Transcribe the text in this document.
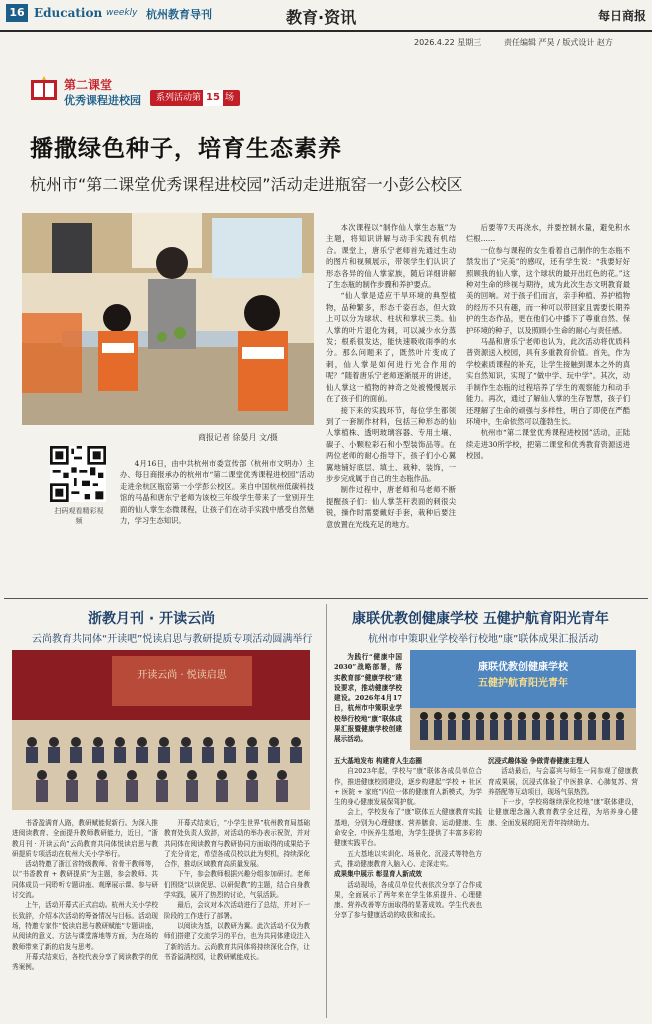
16 Education weekly 杭州教育导刊	教育·资讯	每日商报
2026.4.22 星期三	责任编辑 严昊 / 版式设计 赵方
第二课堂
优秀课程进校园	系列活动第 15 场
播撒绿色种子，培育生态素养
杭州市“第二课堂优秀课程进校园”活动走进瓶窑一小彭公校区
商报记者 徐晏月 文/摄
扫码观看精彩视频

4月16日，由中共杭州市委宣传部（杭州市文明办）主办、每日商报承办的杭州市“第二课堂优秀课程进校园”活动走进余杭区瓶窑第一小学彭公校区。来自中国杭州低碳科技馆的马晶和唐东宁老师为该校三年级学生带来了一堂别开生面的仙人掌生态微课程，让孩子们在动手实践中感受自然魅力，学习生态知识。

本次课程以“制作仙人掌生态瓶”为主题，将知识讲解与动手实践有机结合。课堂上，唐乐宁老师首先通过生动的图片和视频展示，带领学生们认识了形态各异的仙人掌家族，随后详细讲解了生态瓶的制作步骤和养护要点。

“仙人掌是适应干旱环境的典型植物，品种繁多，形态千姿百态，但大致上可以分为球状、柱状和掌状三类。仙人掌的叶片退化为刺，可以减少水分蒸发；根系很发达，能快速吸收雨季的水分。那么问题来了，既然叶片变成了刺，仙人掌是如何进行光合作用的呢？”随着唐乐宁老师逐渐展开的讲述，仙人掌这一植物的神奇之处被慢慢展示在了孩子们的面前。

接下来的实践环节，每位学生都领到了一套制作材料，包括三种形态的仙人掌植株、透明玻璃容器、专用土壤、碳子、小颗粒彩石和小型装饰品等。在两位老师的耐心指导下，孩子们小心翼翼地铺好底层、填土、栽种、装饰，一步步完成属于自己的生态瓶作品。

制作过程中，唐老师和马老师不断提醒孩子们：仙人掌茎秆表面的刺很尖锐，操作时需要戴好手套，栽种后要注意放置在光线充足的地方。

后要等7天再浇水，并要控制水量，避免积水烂根……

一位参与课程的女生看着自己制作的生态瓶不禁发出了“完美”的感叹，还有学生说：“我要好好照顾我的仙人掌，这个球状的最开出红色的花。”这种对生命的珍视与期待，成为此次生态文明教育最美的回响。对于孩子们而言，亲手种植、养护植物的经历不只有趣，而一种可以带回家且需要长期养护的生态作品，更在他们心中播下了尊重自然、保护环境的种子，以及照顾小生命的耐心与责任感。

马晶和唐乐宁老师也认为，此次活动将优质科普资源送入校园，具有多重教育价值。首先，作为学校素质课程的补充，让学生接触到课本之外的真实自然知识，实现了“做中学、玩中学”。其次，动手制作生态瓶的过程培养了学生的观察能力和动手能力。再次，通过了解仙人掌的生存智慧，孩子们还理解了生命的顽强与多样性，明白了即使在严酷环境中，生命依然可以蓬勃生长。

杭州市“第二课堂优秀课程进校园”活动，正陆续走进30所学校，把第二课堂和优秀教育资源送进校园。

浙教月刊 · 开读云尚
云尚教育共同体“开读吧”悦读启思与教研提质专项活动圆满举行
开读云尚 · 悦读启思

书香盈满育人路，教研赋能促新行。为深入推进阅读教育、全面提升教师教研能力，近日，“浙教月刊 · 开读云尚”云尚教育共同体悦读启思与教研提质专项活动在杭州大关小学举行。

活动特邀了浙江省特级教师、省骨干教师等，以“书香教育 + 教研提质”为主题，参会教师、共同体成员一同聆听专题讲座、观摩展示课、参与研讨交流。

上午，活动开幕式正式启动。杭州大关小学校长致辞，介绍本次活动的筹备情况与目标。活动现场，特邀专家作“悦读启思与教研赋能”专题讲座，从阅读的意义、方法与课堂落地等方面，为在场的教师带来了新的启发与思考。

开幕式结束后，各校代表分享了阅读教学的优秀案例。

开幕式结束后，“小学生世界”杭州教育局基础教育处负责人致辞，对活动的举办表示祝贺，并对共同体在阅读教育与教研协同方面取得的成果给予了充分肯定，希望各成员校以此为契机，持续深化合作，推动区域教育高质量发展。

下午，参会教师根据兴趣分组参加研讨。老师们围绕“以读促思、以研促教”的主题，结合自身教学实践，展开了热烈的讨论，气氛活跃。

最后，会议对本次活动进行了总结，并对下一阶段的工作进行了部署。

以阅读为基，以教研为翼。此次活动不仅为教师们搭建了交流学习的平台，也为共同体建设注入了新的活力。云尚教育共同体将持续深化合作，让书香溢满校园，让教研赋能成长。

康联优教创健康学校 五健护航育阳光青年
杭州市中策职业学校举行校地“康”联体成果汇报活动

为践行“健康中国2030”战略部署，落实教育部“健康学校”建设要求，推动健康学校建设。2026年4月17日，杭州市中策职业学校举行校地“康”联体成果汇报暨健康学校创建展示活动。

康联优教创健康学校
五健护航育阳光青年

五大基地发布 构建育人生态圈

自2023年起，学校与“康”联体各成员单位合作，推进健康校园建设，逐步构建起“学校 + 社区 + 医院 + 家庭”四位一体的健康育人新模式，为学生的身心健康发展保驾护航。

会上，学校发布了“康”联体五大健康教育实践基地，分别为心理健康、营养膳食、运动健康、生命安全、中医养生基地，为学生提供了丰富多彩的健康实践平台。

五大基地以实训化、场景化、沉浸式等特色方式，推动健康教育入脑入心、走深走实。

成果集中展示 彰显育人新成效

活动现场，各成员单位代表依次分享了合作成果，全面展示了两年来在学生体质提升、心理健康、营养改善等方面取得的显著成效。学生代表也分享了参与健康活动的收获和成长。

沉浸式趣体验 争做青春健康主理人

活动最后，与会嘉宾与师生一同参观了健康教育成果展，沉浸式体验了中医推拿、心肺复苏、营养搭配等互动项目，现场气氛热烈。

下一步，学校将继续深化校地“康”联体建设，让健康理念融入教育教学全过程，为培养身心健康、全面发展的阳光青年持续助力。
